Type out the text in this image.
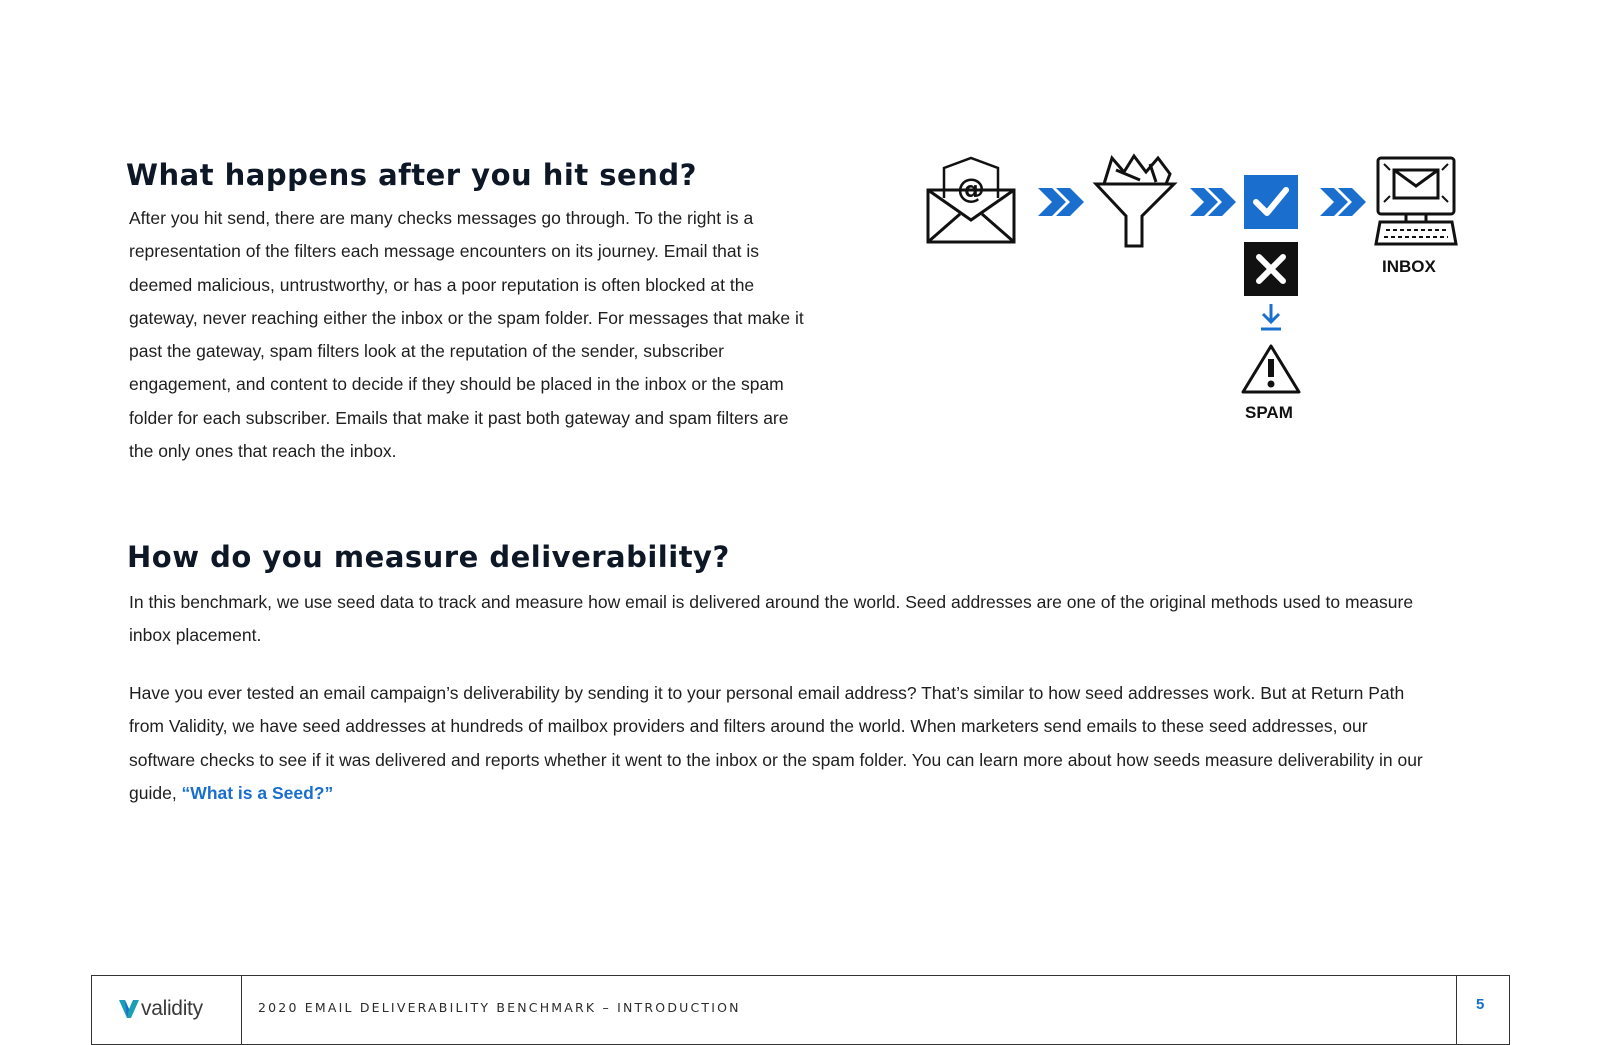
What happens after you hit send?

After you hit send, there are many checks messages go through. To the right is a representation of the filters each message encounters on its journey. Email that is deemed malicious, untrustworthy, or has a poor reputation is often blocked at the gateway, never reaching either the inbox or the spam folder. For messages that make it past the gateway, spam filters look at the reputation of the sender, subscriber engagement, and content to decide if they should be placed in the inbox or the spam folder for each subscriber. Emails that make it past both gateway and spam filters are the only ones that reach the inbox.

@
INBOX
SPAM
How do you measure deliverability?

In this benchmark, we use seed data to track and measure how email is delivered around the world. Seed addresses are one of the original methods used to measure inbox placement.

Have you ever tested an email campaign’s deliverability by sending it to your personal email address? That’s similar to how seed addresses work. But at Return Path from Validity, we have seed addresses at hundreds of mailbox providers and filters around the world. When marketers send emails to these seed addresses, our software checks to see if it was delivered and reports whether it went to the inbox or the spam folder. You can learn more about how seeds measure deliverability in our guide, “What is a Seed?”

validity	2020 EMAIL DELIVERABILITY BENCHMARK – INTRODUCTION	5
